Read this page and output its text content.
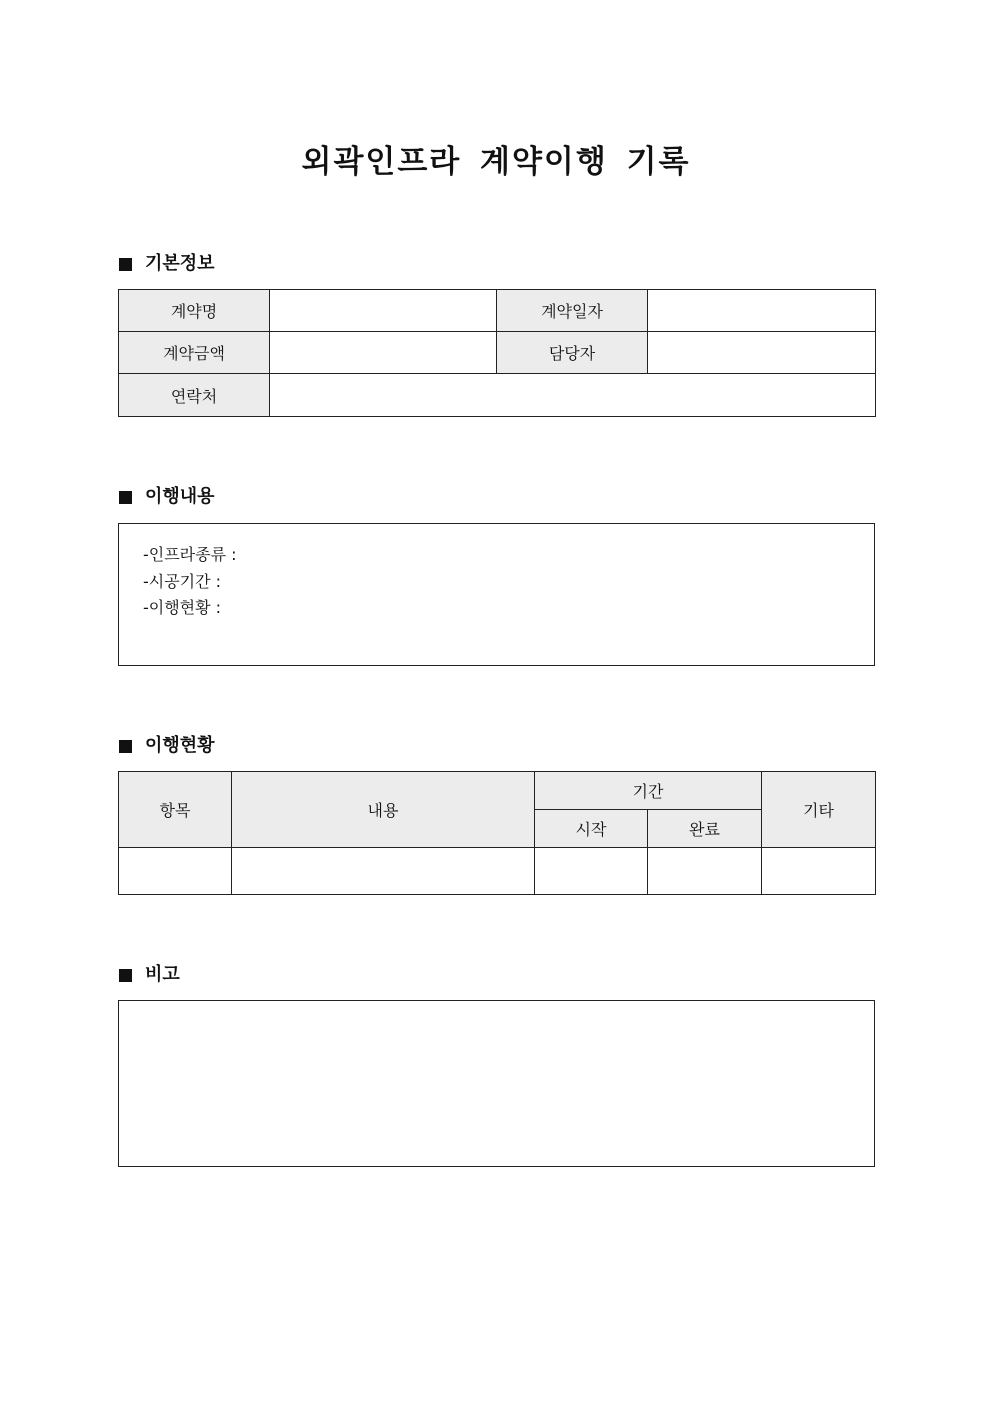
외곽인프라 계약이행 기록
기본정보
계약명		계약일자	
계약금액		담당자	
연락처			
이행내용
-인프라종류 :
-시공기간 :
-이행현황 :
이행현황
항목	내용	기간		기타
		시작	완료	

비고
